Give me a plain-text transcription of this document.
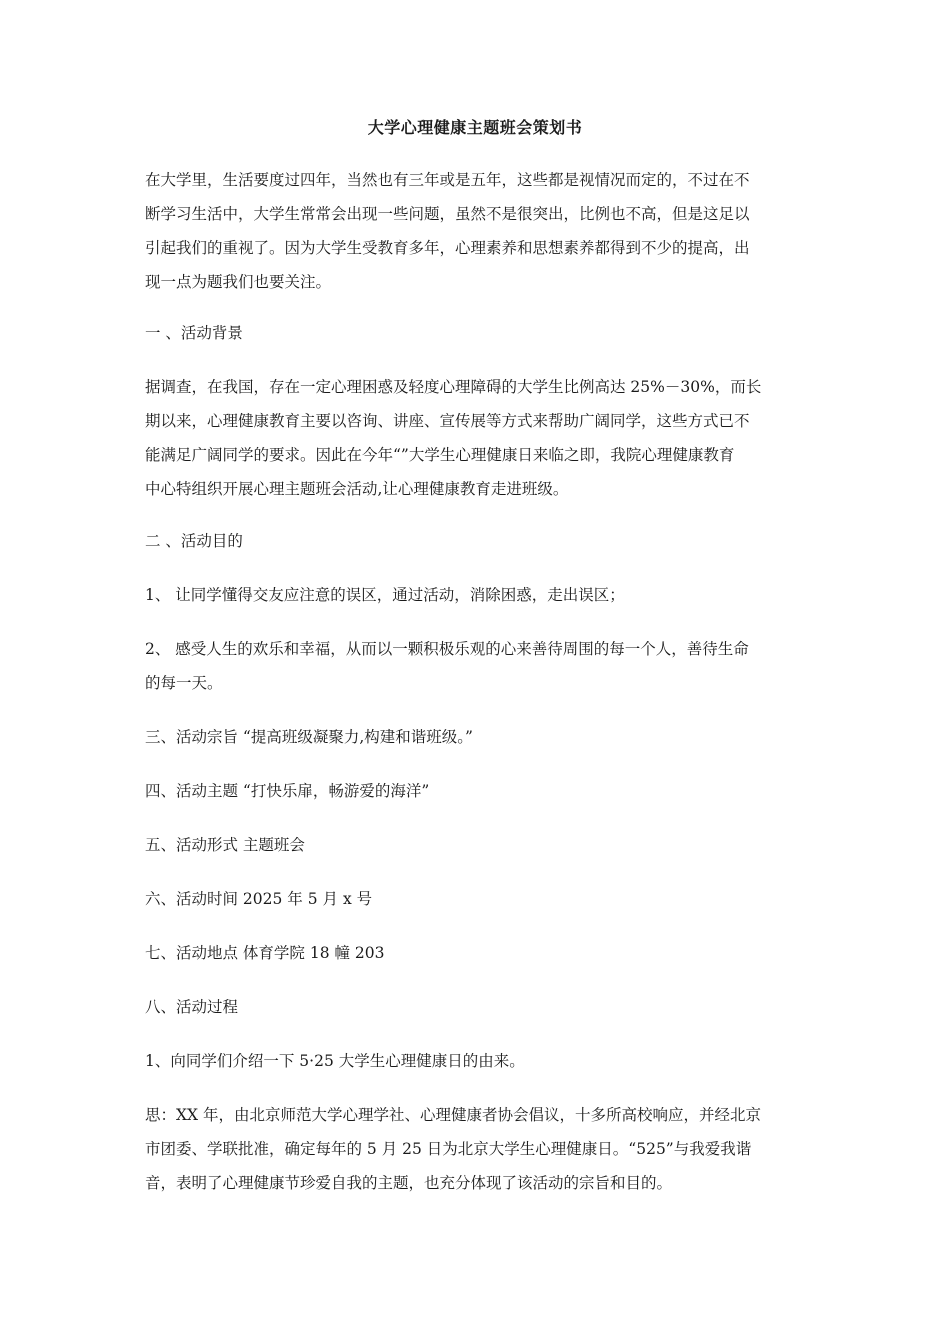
大学心理健康主题班会策划书
在大学里，生活要度过四年，当然也有三年或是五年，这些都是视情况而定的，不过在不
断学习生活中，大学生常常会出现一些问题，虽然不是很突出，比例也不高，但是这足以
引起我们的重视了。因为大学生受教育多年，心理素养和思想素养都得到不少的提高，出
现一点为题我们也要关注。
一 、活动背景
据调查，在我国，存在一定心理困惑及轻度心理障碍的大学生比例高达 25%－30%，而长
期以来，心理健康教育主要以咨询、讲座、宣传展等方式来帮助广阔同学，这些方式已不
能满足广阔同学的要求。因此在今年“”大学生心理健康日来临之即，我院心理健康教育
中心特组织开展心理主题班会活动,让心理健康教育走进班级。
二 、活动目的
1、 让同学懂得交友应注意的误区，通过活动，消除困惑，走出误区；
2、 感受人生的欢乐和幸福，从而以一颗积极乐观的心来善待周围的每一个人，善待生命
的每一天。
三、活动宗旨 “提高班级凝聚力,构建和谐班级。”
四、活动主题 “打快乐扉，畅游爱的海洋”
五、活动形式 主题班会
六、活动时间 2025 年 5 月 x 号
七、活动地点 体育学院 18 幢 203
八、活动过程
1、向同学们介绍一下 5·25 大学生心理健康日的由来。
思：XX 年，由北京师范大学心理学社、心理健康者协会倡议，十多所高校响应，并经北京
市团委、学联批准，确定每年的 5 月 25 日为北京大学生心理健康日。“525”与我爱我谐
音，表明了心理健康节珍爱自我的主题，也充分体现了该活动的宗旨和目的。
